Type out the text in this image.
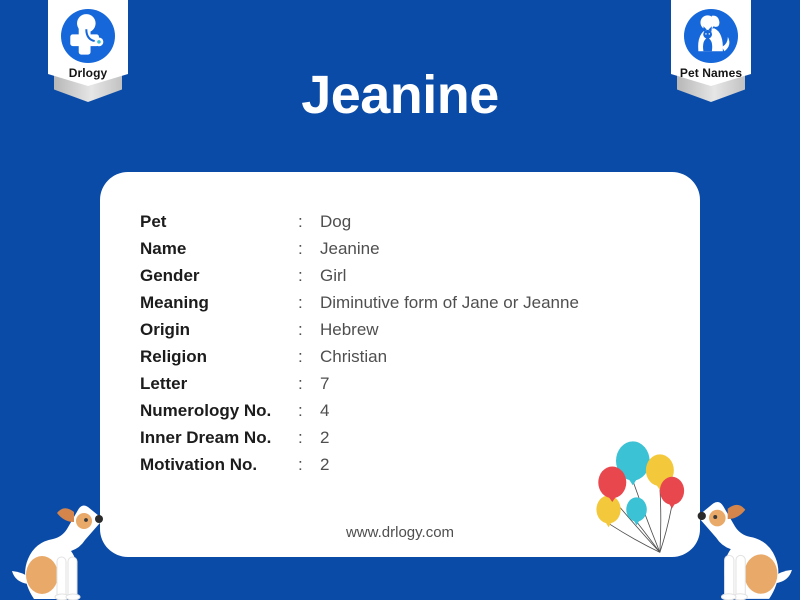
Drlogy	Pet Names
Jeanine
Pet	:	Dog
Name	:	Jeanine
Gender	:	Girl
Meaning	:	Diminutive form of Jane or Jeanne
Origin	:	Hebrew
Religion	:	Christian
Letter	:	7
Numerology No.	:	4
Inner Dream No.	:	2
Motivation No.	:	2
www.drlogy.com
